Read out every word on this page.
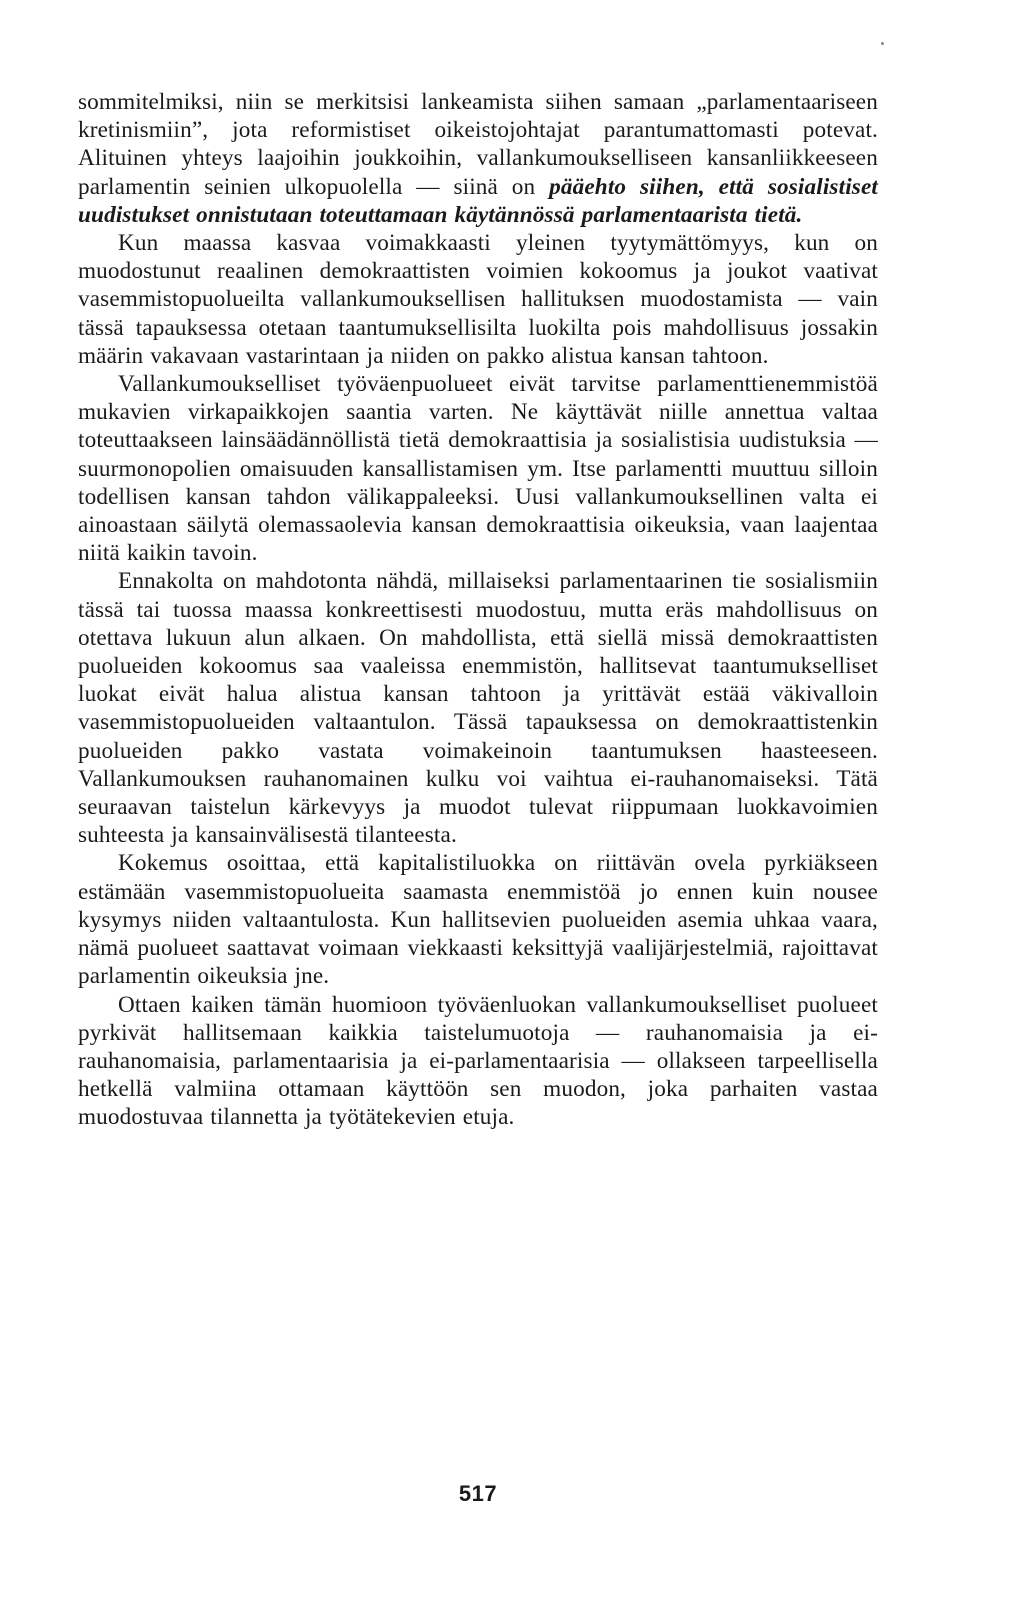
sommitelmiksi, niin se merkitsisi lankeamista siihen samaan „parlamentaariseen kretinismiin”, jota reformistiset oikeistojohtajat parantumattomasti potevat. Alituinen yhteys laajoihin joukkoihin, vallankumoukselliseen kansanliikkeeseen parlamentin seinien ulkopuolella — siinä on pääehto siihen, että sosialistiset uudistukset onnistutaan toteuttamaan käytännössä parlamentaarista tietä.

Kun maassa kasvaa voimakkaasti yleinen tyytymättömyys, kun on muodostunut reaalinen demokraattisten voimien kokoomus ja joukot vaativat vasemmistopuolueilta vallankumouksellisen hallituksen muodostamista — vain tässä tapauksessa otetaan taantumuksellisilta luokilta pois mahdollisuus jossakin määrin vakavaan vastarintaan ja niiden on pakko alistua kansan tahtoon.

Vallankumoukselliset työväenpuolueet eivät tarvitse parlamenttienemmistöä mukavien virkapaikkojen saantia varten. Ne käyttävät niille annettua valtaa toteuttaakseen lainsäädännöllistä tietä demokraattisia ja sosialistisia uudistuksia — suurmonopolien omaisuuden kansallistamisen ym. Itse parlamentti muuttuu silloin todellisen kansan tahdon välikappaleeksi. Uusi vallankumouksellinen valta ei ainoastaan säilytä olemassaolevia kansan demokraattisia oikeuksia, vaan laajentaa niitä kaikin tavoin.

Ennakolta on mahdotonta nähdä, millaiseksi parlamentaarinen tie sosialismiin tässä tai tuossa maassa konkreettisesti muodostuu, mutta eräs mahdollisuus on otettava lukuun alun alkaen. On mahdollista, että siellä missä demokraattisten puolueiden kokoomus saa vaaleissa enemmistön, hallitsevat taantumukselliset luokat eivät halua alistua kansan tahtoon ja yrittävät estää väkivalloin vasemmistopuolueiden valtaantulon. Tässä tapauksessa on demokraattistenkin puolueiden pakko vastata voimakeinoin taantumuksen haasteeseen. Vallankumouksen rauhanomainen kulku voi vaihtua ei-rauhanomaiseksi. Tätä seuraavan taistelun kärkevyys ja muodot tulevat riippumaan luokkavoimien suhteesta ja kansainvälisestä tilanteesta.

Kokemus osoittaa, että kapitalistiluokka on riittävän ovela pyrkiäkseen estämään vasemmistopuolueita saamasta enemmistöä jo ennen kuin nousee kysymys niiden valtaantulosta. Kun hallitsevien puolueiden asemia uhkaa vaara, nämä puolueet saattavat voimaan viekkaasti keksittyjä vaalijärjestelmiä, rajoittavat parlamentin oikeuksia jne.

Ottaen kaiken tämän huomioon työväenluokan vallankumoukselliset puolueet pyrkivät hallitsemaan kaikkia taistelumuotoja — rauhanomaisia ja ei-rauhanomaisia, parlamentaarisia ja ei-parlamentaarisia — ollakseen tarpeellisella hetkellä valmiina ottamaan käyttöön sen muodon, joka parhaiten vastaa muodostuvaa tilannetta ja työtätekevien etuja.

517
